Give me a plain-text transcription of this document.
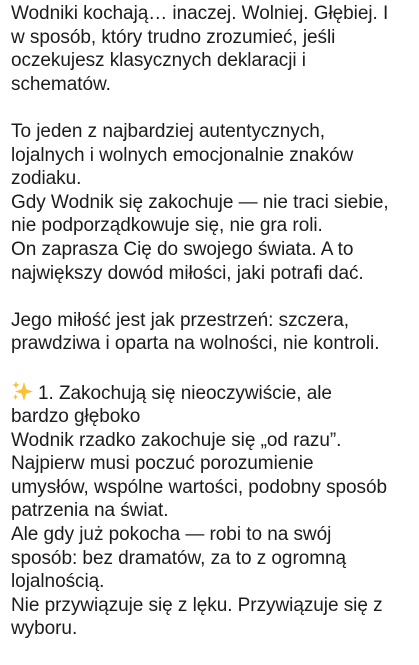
Wodniki kochają… inaczej. Wolniej. Głębiej. I
w sposób, który trudno zrozumieć, jeśli
oczekujesz klasycznych deklaracji i
schematów.
To jeden z najbardziej autentycznych,
lojalnych i wolnych emocjonalnie znaków
zodiaku.
Gdy Wodnik się zakochuje — nie traci siebie,
nie podporządkowuje się, nie gra roli.
On zaprasza Cię do swojego świata. A to
największy dowód miłości, jaki potrafi dać.
Jego miłość jest jak przestrzeń: szczera,
prawdziwa i oparta na wolności, nie kontroli.
1. Zakochują się nieoczywiście, ale
bardzo głęboko
Wodnik rzadko zakochuje się „od razu”.
Najpierw musi poczuć porozumienie
umysłów, wspólne wartości, podobny sposób
patrzenia na świat.
Ale gdy już pokocha — robi to na swój
sposób: bez dramatów, za to z ogromną
lojalnością.
Nie przywiązuje się z lęku. Przywiązuje się z
wyboru.
